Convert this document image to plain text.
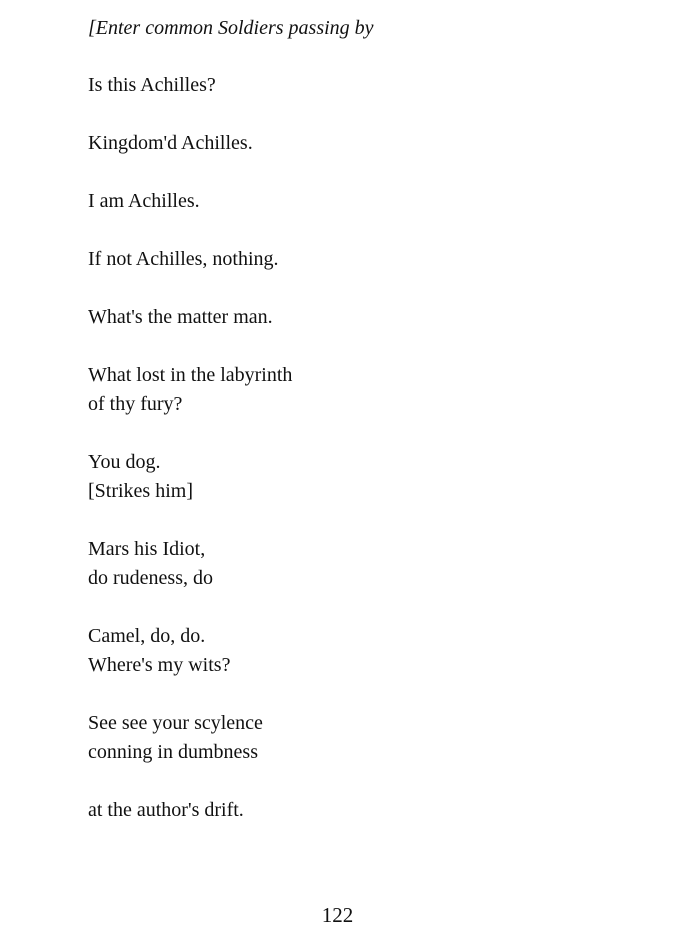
[Enter common Soldiers passing by
Is this Achilles?
Kingdom'd Achilles.
I am Achilles.
If not Achilles, nothing.
What's the matter man.
What lost in the labyrinth
of thy fury?
You dog.
[Strikes him]
Mars his Idiot,
do rudeness, do
Camel, do, do.
Where's my wits?
See see your scylence
conning in dumbness
at the author's drift.
122
